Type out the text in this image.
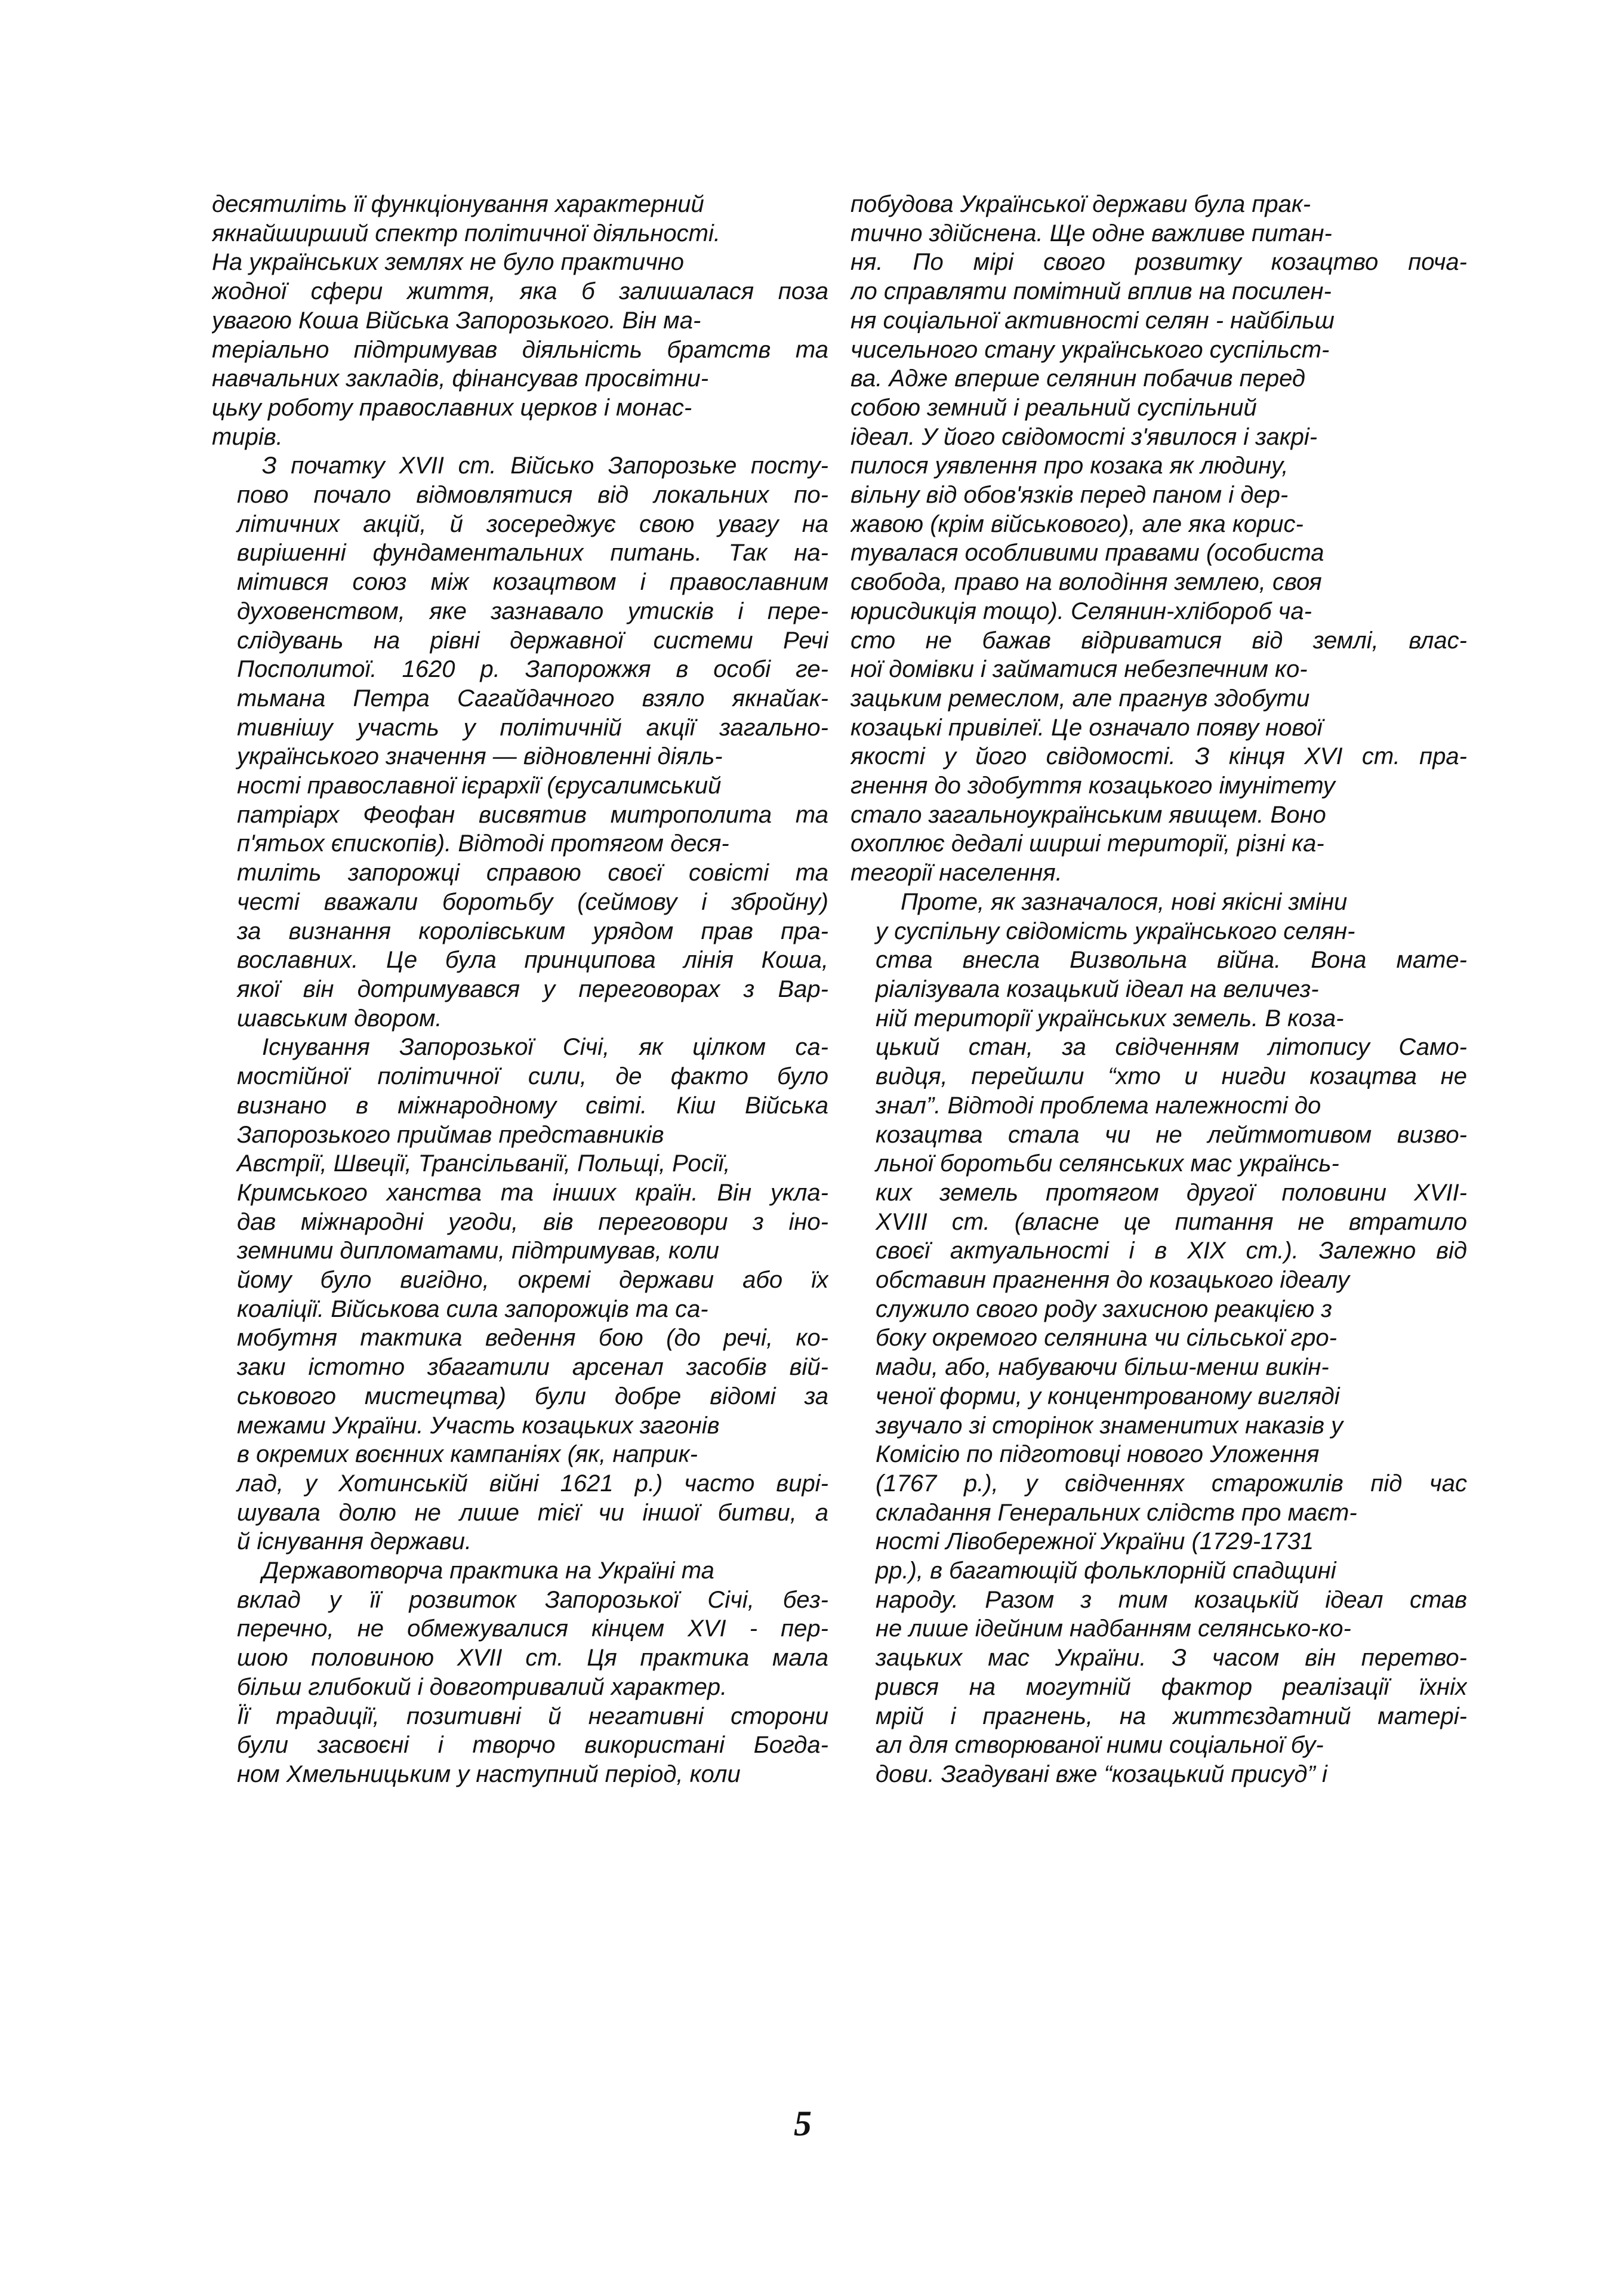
десятиліть її функціонування характерний
якнайширший спектр політичної діяльності.
На українських землях не було практично
жодної сфери життя, яка б залишалася поза
увагою Коша Війська Запорозького. Він ма-
теріально підтримував діяльність братств та
навчальних закладів, фінансував просвітни-
цьку роботу православних церков і монас-
тирів.

З початку XVII ст. Військо Запорозьке посту-
пово почало відмовлятися від локальних по-
літичних акцій, й зосереджує свою увагу на
вирішенні фундаментальних питань. Так на-
мітився союз між козацтвом і православним
духовенством, яке зазнавало утисків і пере-
слідувань на рівні державної системи Речі
Посполитої. 1620 р. Запорожжя в особі ге-
тьмана Петра Сагайдачного взяло якнайак-
тивнішу участь у політичній акції загально-
українського значення — відновленні діяль-
ності православної ієрархії (єрусалимський
патріарх Феофан висвятив митрополита та
п'ятьох єпископів). Відтоді протягом деся-
тиліть запорожці справою своєї совісті та
честі вважали боротьбу (сеймову і збройну)
за визнання королівським урядом прав пра-
вославних. Це була принципова лінія Коша,
якої він дотримувався у переговорах з Вар-
шавським двором.

Існування Запорозької Січі, як цілком са-
мостійної політичної сили, де факто було
визнано в міжнародному світі. Кіш Війська
Запорозького приймав представників
Австрії, Швеції, Трансільванії, Польщі, Росії,
Кримського ханства та інших країн. Він укла-
дав міжнародні угоди, вів переговори з іно-
земними дипломатами, підтримував, коли
йому було вигідно, окремі держави або їх
коаліції. Військова сила запорожців та са-
мобутня тактика ведення бою (до речі, ко-
заки істотно збагатили арсенал засобів вій-
ськового мистецтва) були добре відомі за
межами України. Участь козацьких загонів
в окремих воєнних кампаніях (як, наприк-
лад, у Хотинській війні 1621 р.) часто вирі-
шувала долю не лише тієї чи іншої битви, а
й існування держави.

Державотворча практика на Україні та
вклад у її розвиток Запорозької Січі, без-
перечно, не обмежувалися кінцем XVI - пер-
шою половиною XVII ст. Ця практика мала
більш глибокий і довготривалий характер.
Її традиції, позитивні й негативні сторони
були засвоєні і творчо використані Богда-
ном Хмельницьким у наступний період, коли

побудова Української держави була прак-
тично здійснена. Ще одне важливе питан-
ня. По мірі свого розвитку козацтво поча-
ло справляти помітний вплив на посилен-
ня соціальної активності селян - найбільш
чисельного стану українського суспільст-
ва. Адже вперше селянин побачив перед
собою земний і реальний суспільний
ідеал. У його свідомості з'явилося і закрі-
пилося уявлення про козака як людину,
вільну від обов'язків перед паном і дер-
жавою (крім військового), але яка корис-
тувалася особливими правами (особиста
свобода, право на володіння землею, своя
юрисдикція тощо). Селянин-хлібороб ча-
сто не бажав відриватися від землі, влас-
ної домівки і займатися небезпечним ко-
зацьким ремеслом, але прагнув здобути
козацькі привілеї. Це означало появу нової
якості у його свідомості. З кінця XVI ст. пра-
гнення до здобуття козацького імунітету
стало загальноукраїнським явищем. Воно
охоплює дедалі ширші території, різні ка-
тегорії населення.

Проте, як зазначалося, нові якісні зміни
у суспільну свідомість українського селян-
ства внесла Визвольна війна. Вона мате-
ріалізувала козацький ідеал на величез-
ній території українських земель. В коза-
цький стан, за свідченням літопису Само-
видця, перейшли “хто и нигди козацтва не
знал”. Відтоді проблема належності до
козацтва стала чи не лейтмотивом визво-
льної боротьби селянських мас українсь-
ких земель протягом другої половини XVII-
XVIII ст. (власне це питання не втратило
своєї актуальності і в XIX ст.). Залежно від
обставин прагнення до козацького ідеалу
служило свого роду захисною реакцією з
боку окремого селянина чи сільської гро-
мади, або, набуваючи більш-менш викін-
ченої форми, у концентрованому вигляді
звучало зі сторінок знаменитих наказів у
Комісію по підготовці нового Уложення
(1767 р.), у свідченнях старожилів під час
складання Генеральних слідств про маєт-
ності Лівобережної України (1729-1731
рр.), в багатющій фольклорній спадщині
народу. Разом з тим козацькій ідеал став
не лише ідейним надбанням селянсько-ко-
зацьких мас України. З часом він перетво-
рився на могутній фактор реалізації їхніх
мрій і прагнень, на життєздатний матері-
ал для створюваної ними соціальної бу-
дови. Згадувані вже “козацький присуд” і

5
